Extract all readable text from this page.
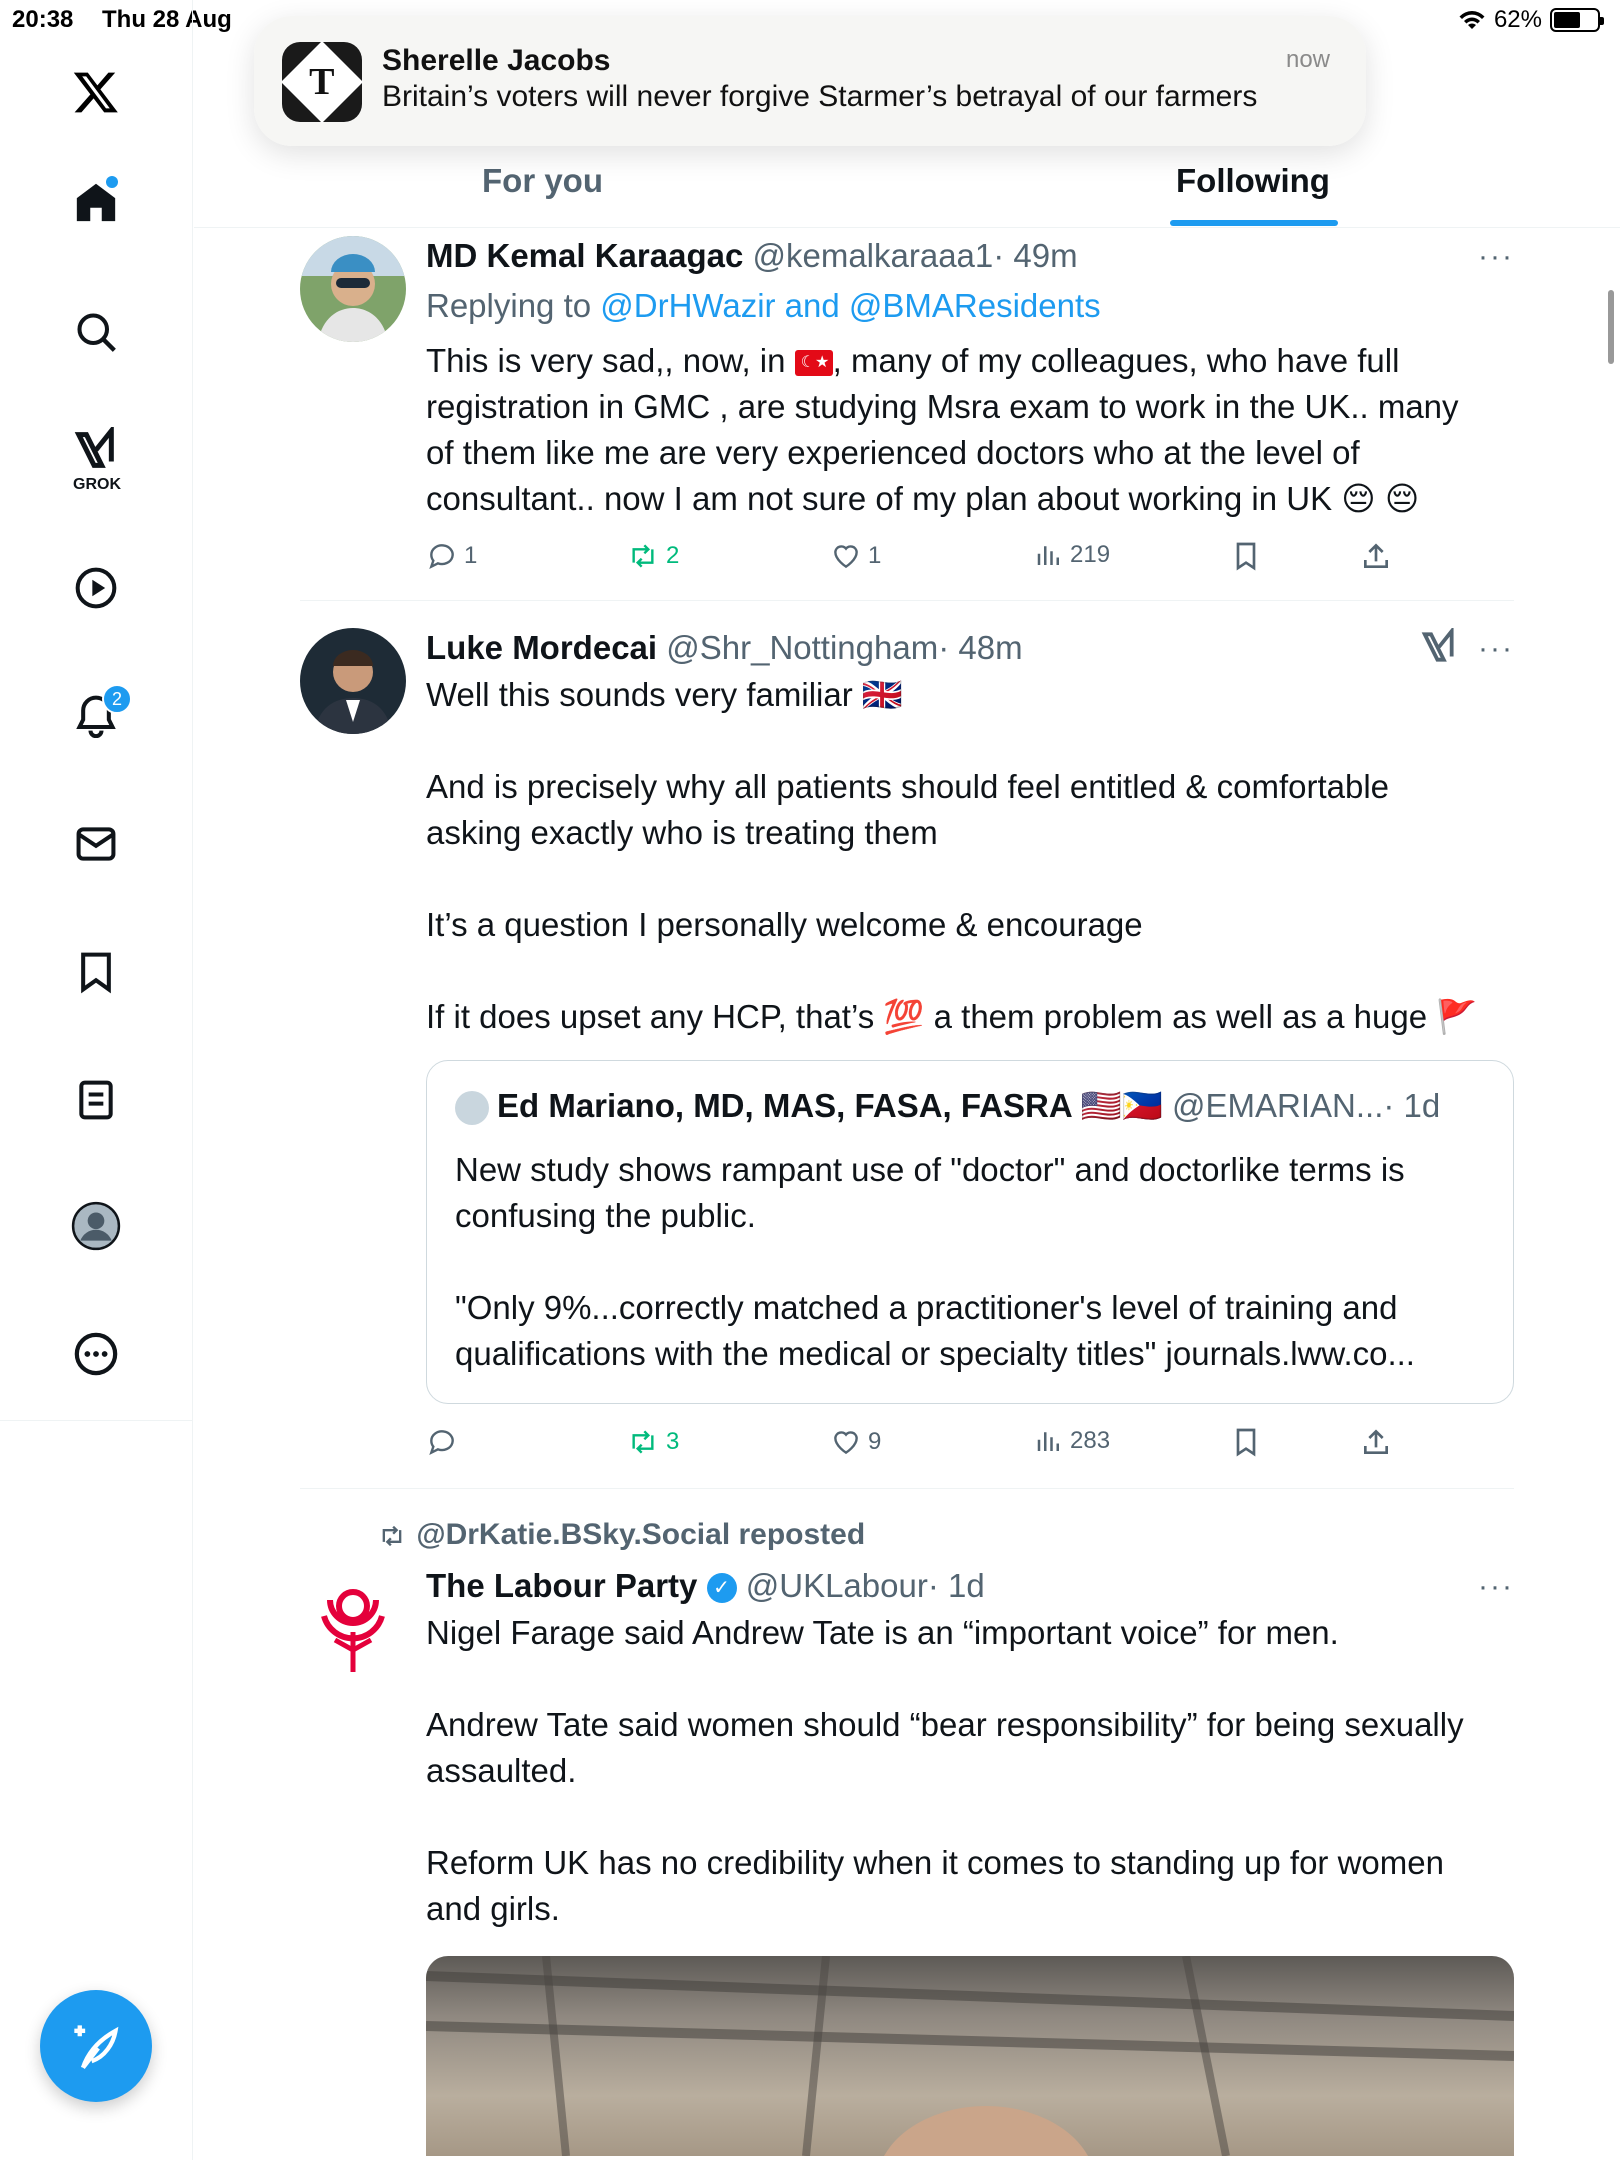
20:38 Thu 28 Aug	62%
GROK
2
For you	Following
MD Kemal Karaagac @kemalkaraaa1· 49m	···
Replying to @DrHWazir and @BMAResidents

This is very sad,, now, in ☾★, many of my colleagues, who have full

registration in GMC , are studying Msra exam to work in the UK.. many

of them like me are very experienced doctors who at the level of

consultant.. now I am not sure of my plan about working in UK 😔 😔

1	2	1	219
Luke Mordecai @Shr_Nottingham· 48m	···

Well this sounds very familiar 🇬🇧

And is precisely why all patients should feel entitled & comfortable

asking exactly who is treating them

It’s a question I personally welcome & encourage

If it does upset any HCP, that’s 💯 a them problem as well as a huge 🚩

Ed Mariano, MD, MAS, FASA, FASRA 🇺🇸🇵🇭 @EMARIAN...· 1d

New study shows rampant use of "doctor" and doctorlike terms is

confusing the public.

"Only 9%...correctly matched a practitioner's level of training and

qualifications with the medical or specialty titles" journals.lww.co...

3	9	283
@DrKatie.BSky.Social reposted
The Labour Party ✓ @UKLabour· 1d	···

Nigel Farage said Andrew Tate is an “important voice” for men.

Andrew Tate said women should “bear responsibility” for being sexually

assaulted.

Reform UK has no credibility when it comes to standing up for women

and girls.

T
Sherelle Jacobs
Britain’s voters will never forgive Starmer’s betrayal of our farmers
now
